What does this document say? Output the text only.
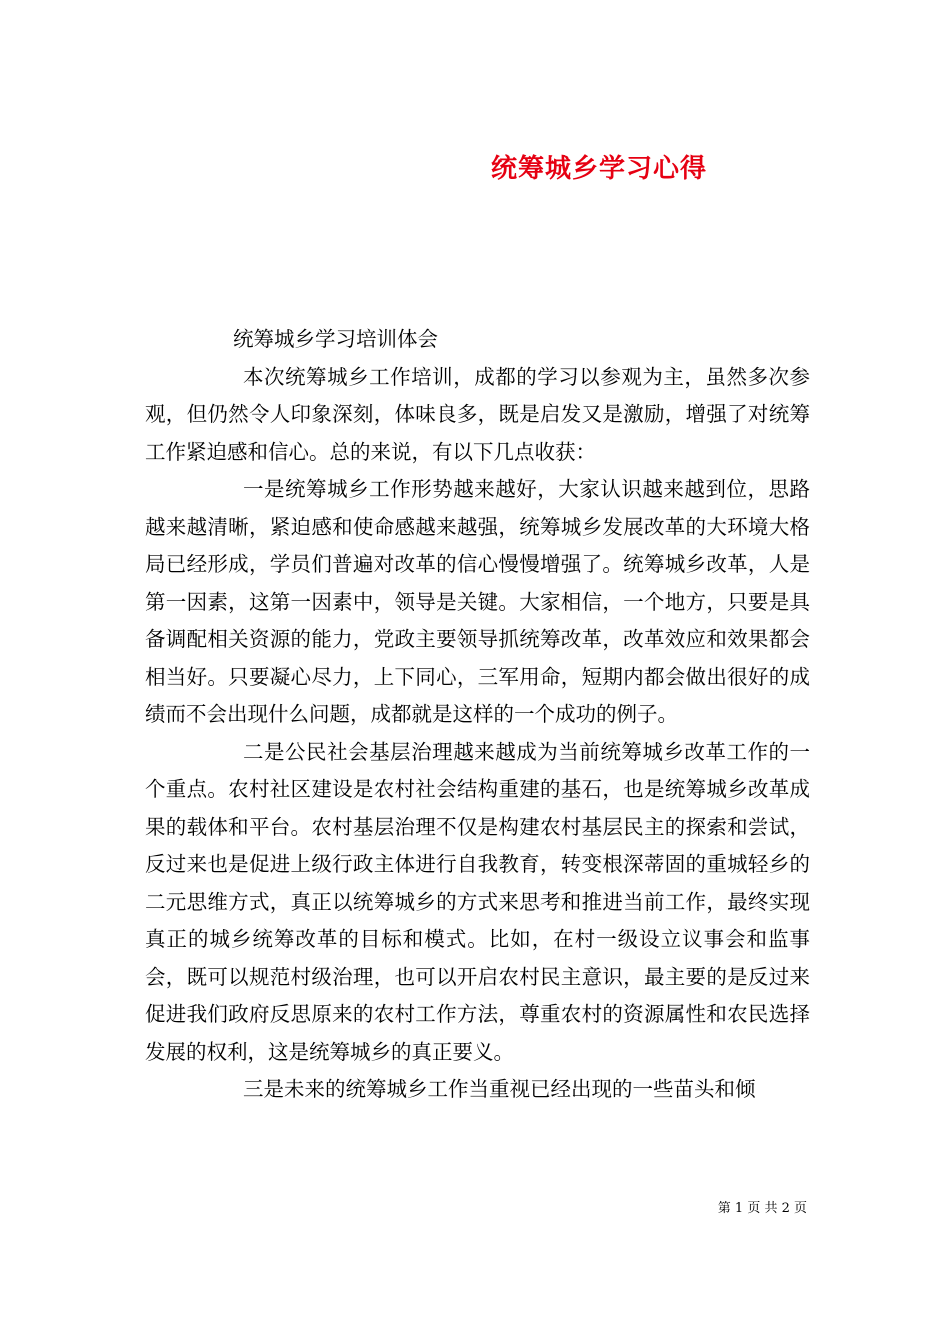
统筹城乡学习心得

统筹城乡学习培训体会

本次统筹城乡工作培训，成都的学习以参观为主，虽然多次参观，但仍然令人印象深刻，体味良多，既是启发又是激励，增强了对统筹工作紧迫感和信心。总的来说，有以下几点收获：

一是统筹城乡工作形势越来越好，大家认识越来越到位，思路越来越清晰，紧迫感和使命感越来越强，统筹城乡发展改革的大环境大格局已经形成，学员们普遍对改革的信心慢慢增强了。统筹城乡改革，人是第一因素，这第一因素中，领导是关键。大家相信，一个地方，只要是具备调配相关资源的能力，党政主要领导抓统筹改革，改革效应和效果都会相当好。只要凝心尽力，上下同心，三军用命，短期内都会做出很好的成绩而不会出现什么问题，成都就是这样的一个成功的例子。

二是公民社会基层治理越来越成为当前统筹城乡改革工作的一个重点。农村社区建设是农村社会结构重建的基石，也是统筹城乡改革成果的载体和平台。农村基层治理不仅是构建农村基层民主的探索和尝试，反过来也是促进上级行政主体进行自我教育，转变根深蒂固的重城轻乡的二元思维方式，真正以统筹城乡的方式来思考和推进当前工作，最终实现真正的城乡统筹改革的目标和模式。比如，在村一级设立议事会和监事会，既可以规范村级治理，也可以开启农村民主意识，最主要的是反过来促进我们政府反思原来的农村工作方法，尊重农村的资源属性和农民选择发展的权利，这是统筹城乡的真正要义。

三是未来的统筹城乡工作当重视已经出现的一些苗头和倾

第 1 页 共 2 页
